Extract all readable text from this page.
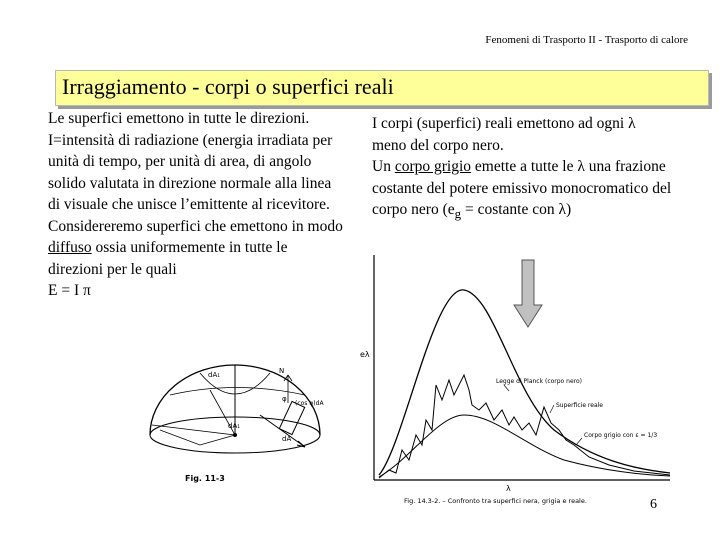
Fenomeni di Trasporto II - Trasporto di calore
Irraggiamento - corpi o superfici reali

Le superfici emettono in tutte le direzioni.

I=intensità di radiazione (energia irradiata per unità di tempo, per unità di area, di angolo solido valutata in direzione normale alla linea di visuale che unisce l’emittente al ricevitore.

Considereremo superfici che emettono in modo diffuso ossia uniformemente in tutte le direzioni per le quali

E = I π

I corpi (superfici) reali emettono ad ogni λ meno del corpo nero.

Un corpo grigio emette a tutte le λ una frazione costante del potere emissivo monocromatico del corpo nero ($e_g$ = costante con λ)

dA₁	N
φ
(cos φ)dA
dA₁
dA
Fig. 11-3
eλ
λ
Legge di Planck (corpo nero)
Superficie reale
Corpo grigio con ε = 1/3
Fig. 14.3-2. – Confronto tra superfici nera, grigia e reale.	6
